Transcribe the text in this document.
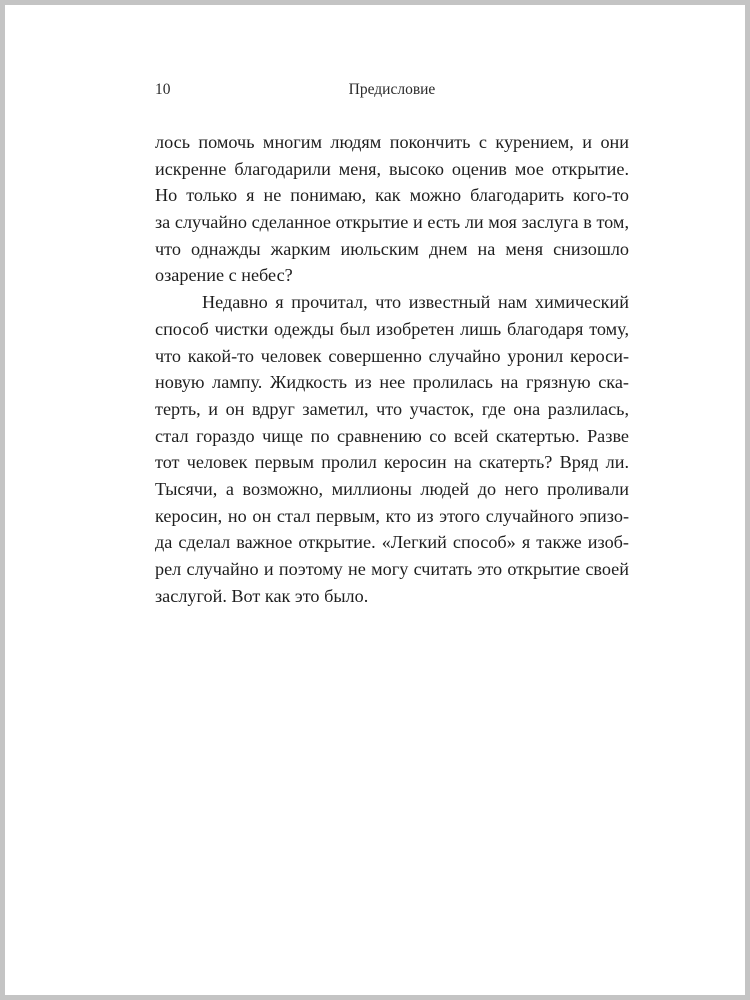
10	Предисловие
лось помочь многим людям покончить с курением, и они
искренне благодарили меня, высоко оценив мое открытие.
Но только я не понимаю, как можно благодарить кого-то
за случайно сделанное открытие и есть ли моя заслуга в том,
что однажды жарким июльским днем на меня снизошло
озарение с небес?
Недавно я прочитал, что известный нам химический
способ чистки одежды был изобретен лишь благодаря тому,
что какой-то человек совершенно случайно уронил кероси-
новую лампу. Жидкость из нее пролилась на грязную ска-
терть, и он вдруг заметил, что участок, где она разлилась,
стал гораздо чище по сравнению со всей скатертью. Разве
тот человек первым пролил керосин на скатерть? Вряд ли.
Тысячи, а возможно, миллионы людей до него проливали
керосин, но он стал первым, кто из этого случайного эпизо-
да сделал важное открытие. «Легкий способ» я также изоб-
рел случайно и поэтому не могу считать это открытие своей
заслугой. Вот как это было.
